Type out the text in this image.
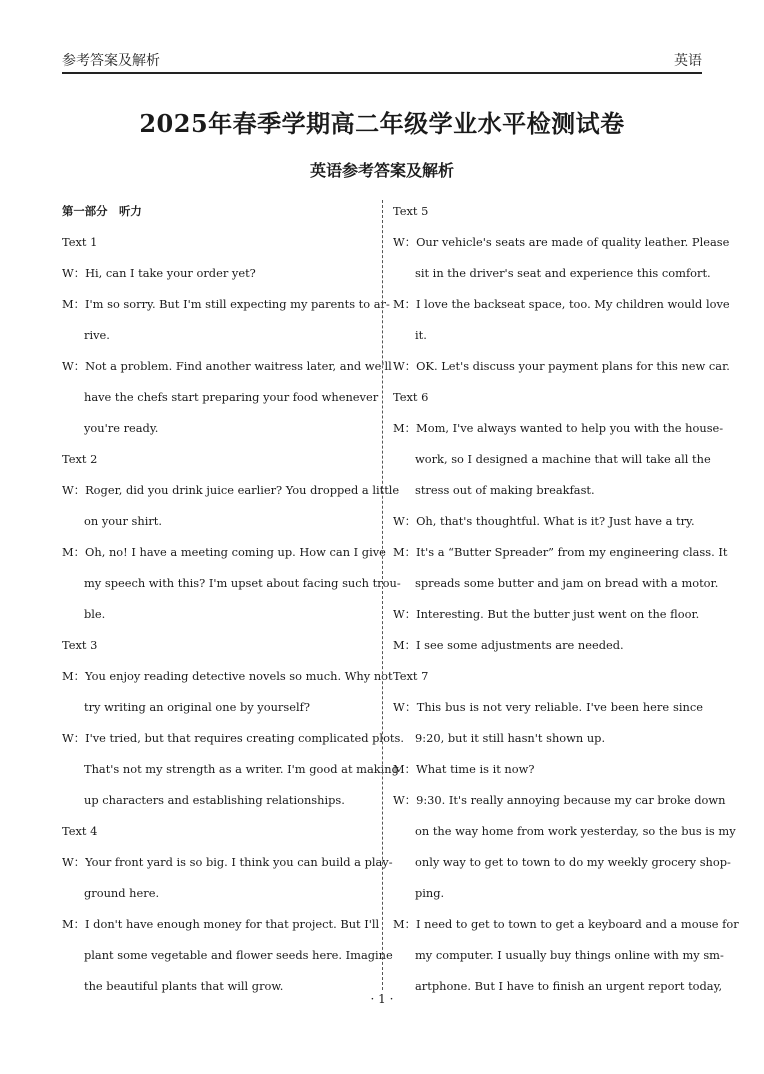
参考答案及解析	英语
2025年春季学期高二年级学业水平检测试卷
英语参考答案及解析
第一部分　听力
Text 1
W：Hi, can I take your order yet?
M：I'm so sorry. But I'm still expecting my parents to ar-
rive.
W：Not a problem. Find another waitress later, and we'll
have the chefs start preparing your food whenever
you're ready.
Text 2
W：Roger, did you drink juice earlier? You dropped a little
on your shirt.
M：Oh, no! I have a meeting coming up. How can I give
my speech with this? I'm upset about facing such trou-
ble.
Text 3
M：You enjoy reading detective novels so much. Why not
try writing an original one by yourself?
W：I've tried, but that requires creating complicated plots.
That's not my strength as a writer. I'm good at making
up characters and establishing relationships.
Text 4
W：Your front yard is so big. I think you can build a play-
ground here.
M：I don't have enough money for that project. But I'll
plant some vegetable and flower seeds here. Imagine
the beautiful plants that will grow.
Text 5
W：Our vehicle's seats are made of quality leather. Please
sit in the driver's seat and experience this comfort.
M：I love the backseat space, too. My children would love
it.
W：OK. Let's discuss your payment plans for this new car.
Text 6
M：Mom, I've always wanted to help you with the house-
work, so I designed a machine that will take all the
stress out of making breakfast.
W：Oh, that's thoughtful. What is it? Just have a try.
M：It's a “Butter Spreader” from my engineering class. It
spreads some butter and jam on bread with a motor.
W：Interesting. But the butter just went on the floor.
M：I see some adjustments are needed.
Text 7
W：This bus is not very reliable. I've been here since
9:20, but it still hasn't shown up.
M：What time is it now?
W：9:30. It's really annoying because my car broke down
on the way home from work yesterday, so the bus is my
only way to get to town to do my weekly grocery shop-
ping.
M：I need to get to town to get a keyboard and a mouse for
my computer. I usually buy things online with my sm-
artphone. But I have to finish an urgent report today,
· 1 ·
